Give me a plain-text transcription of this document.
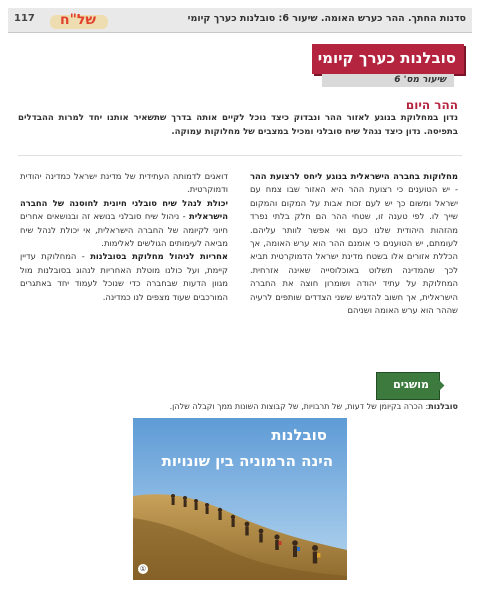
117	של"ח	סדנות החתך. ההר כערש האומה. שיעור 6: סובלנות כערך קיומי
סובלנות כערך קיומי
שיעור מס' 6
ההר היום
נדון במחלוקת בנוגע לאזור ההר ונבדוק כיצד נוכל לקיים אותה בדרך שתשאיר אותנו יחד למרות ההבדלים בתפיסה. נדון כיצד נגהל שיח סובלני ומכיל במצבים של מחלוקות עמוקה.

מחלוקות בחברה הישראלית בנוגע ליחס לרצועת ההר - יש הטוענים כי רצועת ההר היא האזור שבו צמח עם ישראל ומשום כך יש לעם זכות אבות על המקום והמקום שייך לו. לפי טענה זו, שטחי ההר הם חלק בלתי נפרד מהזהות היהודית שלנו כעם ואי אפשר לוותר עליהם. לעומתם, יש הטוענים כי אומנם ההר הוא ערש האומה, אך הכללת אזורים אלו בשטח מדינת ישראל הדמוקרטית תביא לכך שהמדינה תשלוט באוכלוסייה שאינה אזרחית. המחלוקת על עתיד יהודה ושומרון חוצה את החברה הישראלית, אך חשוב להדגיש ששני הצדדים שותפים לרעיה שההר הוא ערש האומה ושניהם

דואגים לדמותה העתידית של מדינת ישראל כמדינה יהודית ודמוקרטית.

יכולת לנהל שיח סובלני חיונית לחוסנה של החברה הישראלית - ניהול שיח סובלני בנושא זה ובנושאים אחרים חיוני לקיומה של החברה הישראלית, אי יכולת לנהל שיח מביאה לעימותים הגולשים לאלימות.

אחריות לניהול מחלוקת בסובלנות - המחלוקת עדיין קיימת, ועל כולנו מוטלת האחריות לנהוג בסובלנות מול מגוון הדעות שבחברה כדי שנוכל לעמוד יחד באתגרים המורכבים שעוד מצפים לנו כמדינה.

מושגים
סובלנות: הכרה בקיומן של דעות, של תרבויות, של קבוצות השונות ממך וקבלה שלהן.
סובלנות
הינה הרמוניה בין שונויות
①
